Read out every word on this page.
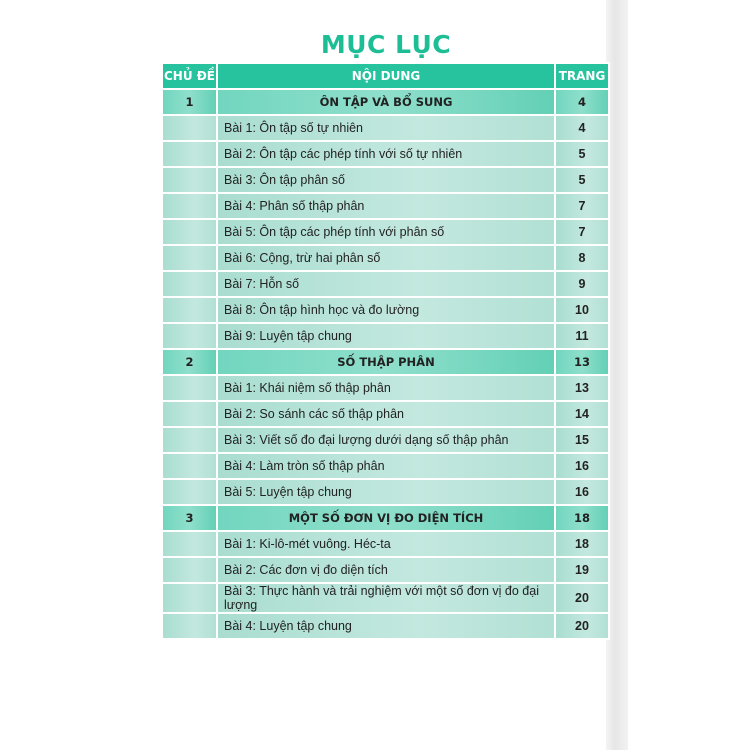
MỤC LỤC
CHỦ ĐỀ	NỘI DUNG	TRANG
1	ÔN TẬP VÀ BỔ SUNG	4
	Bài 1: Ôn tập số tự nhiên	4
	Bài 2: Ôn tập các phép tính với số tự nhiên	5
	Bài 3: Ôn tập phân số	5
	Bài 4: Phân số thập phân	7
	Bài 5: Ôn tập các phép tính với phân số	7
	Bài 6: Cộng, trừ hai phân số	8
	Bài 7: Hỗn số	9
	Bài 8: Ôn tập hình học và đo lường	10
	Bài 9: Luyện tập chung	11
2	SỐ THẬP PHÂN	13
	Bài 1: Khái niệm số thập phân	13
	Bài 2: So sánh các số thập phân	14
	Bài 3: Viết số đo đại lượng dưới dạng số thập phân	15
	Bài 4: Làm tròn số thập phân	16
	Bài 5: Luyện tập chung	16
3	MỘT SỐ ĐƠN VỊ ĐO DIỆN TÍCH	18
	Bài 1: Ki-lô-mét vuông. Héc-ta	18
	Bài 2: Các đơn vị đo diện tích	19
	Bài 3: Thực hành và trải nghiệm với một số đơn vị đo đại lượng	20
	Bài 4: Luyện tập chung	20
